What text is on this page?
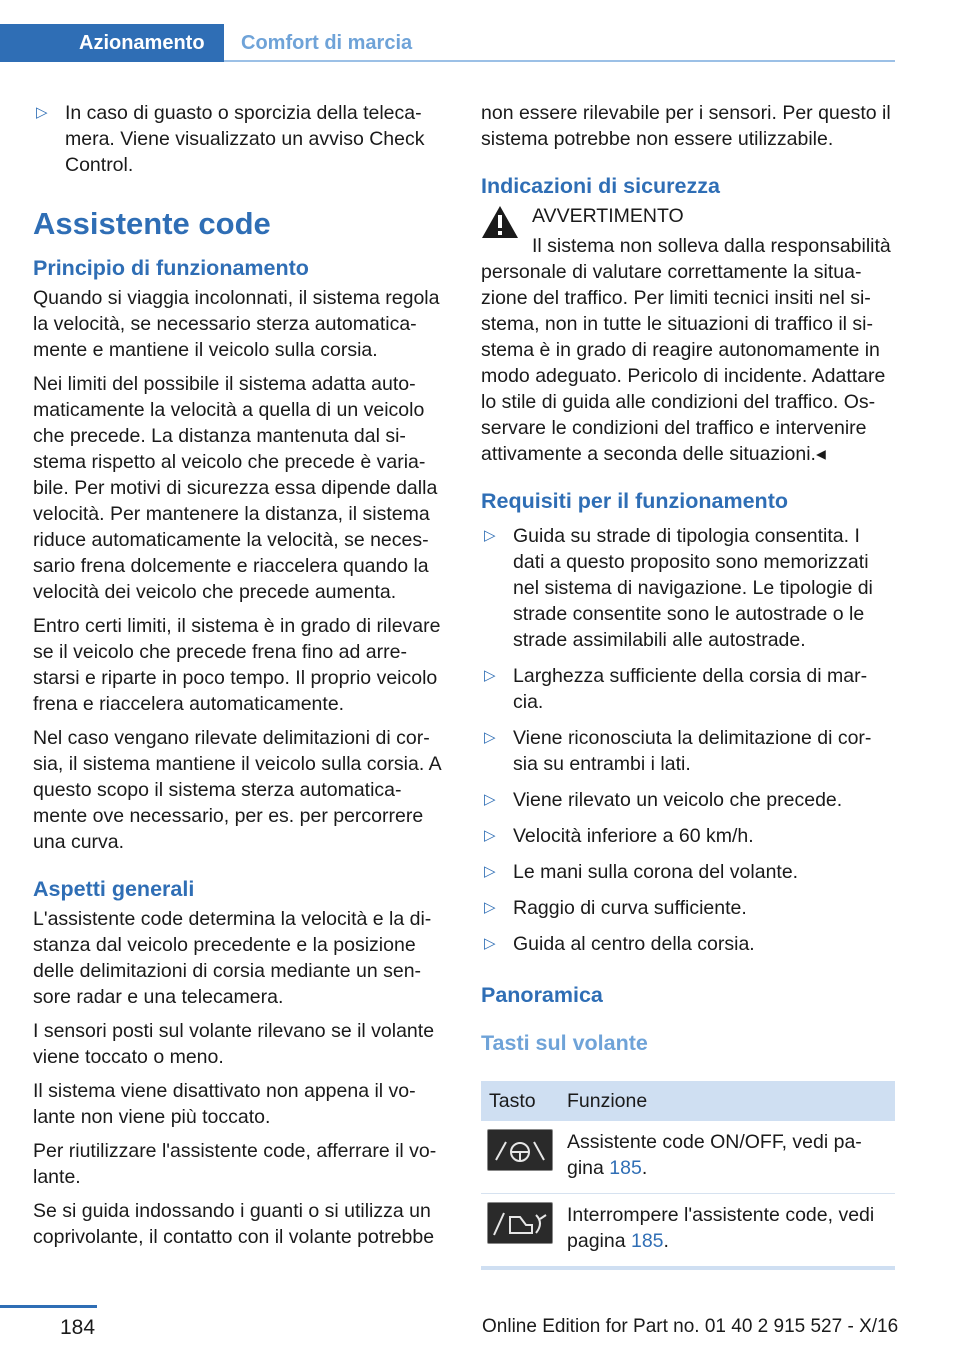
Azionamento Comfort di marcia
▷ In caso di guasto o sporcizia della teleca‐mera. Viene visualizzato un avviso Check Control.
Assistente code
Principio di funzionamento

Quando si viaggia incolonnati, il sistema regola la velocità, se necessario sterza automatica‐mente e mantiene il veicolo sulla corsia.

Nei limiti del possibile il sistema adatta auto‐maticamente la velocità a quella di un veicolo che precede. La distanza mantenuta dal si‐stema rispetto al veicolo che precede è varia‐bile. Per motivi di sicurezza essa dipende dalla velocità. Per mantenere la distanza, il sistema riduce automaticamente la velocità, se neces‐sario frena dolcemente e riaccelera quando la velocità dei veicolo che precede aumenta.

Entro certi limiti, il sistema è in grado di rilevare se il veicolo che precede frena fino ad arre‐starsi e riparte in poco tempo. Il proprio veicolo frena e riaccelera automaticamente.

Nel caso vengano rilevate delimitazioni di cor‐sia, il sistema mantiene il veicolo sulla corsia. A questo scopo il sistema sterza automatica‐mente ove necessario, per es. per percorrere una curva.

Aspetti generali

L'assistente code determina la velocità e la di‐stanza dal veicolo precedente e la posizione delle delimitazioni di corsia mediante un sen‐sore radar e una telecamera.

I sensori posti sul volante rilevano se il volante viene toccato o meno.

Il sistema viene disattivato non appena il vo‐lante non viene più toccato.

Per riutilizzare l'assistente code, afferrare il vo‐lante.

Se si guida indossando i guanti o si utilizza un coprivolante, il contatto con il volante potrebbe

non essere rilevabile per i sensori. Per questo il sistema potrebbe non essere utilizzabile.

Indicazioni di sicurezza
AVVERTIMENTO
Il sistema non solleva dalla responsabilità personale di valutare correttamente la situa‐zione del traffico. Per limiti tecnici insiti nel si‐stema, non in tutte le situazioni di traffico il si‐stema è in grado di reagire autonomamente in modo adeguato. Pericolo di incidente. Adattare lo stile di guida alle condizioni del traffico. Os‐servare le condizioni del traffico e intervenire attivamente a seconda delle situazioni.◂
Requisiti per il funzionamento
▷ Guida su strade di tipologia consentita. I dati a questo proposito sono memorizzati nel sistema di navigazione. Le tipologie di strade consentite sono le autostrade o le strade assimilabili alle autostrade.
▷ Larghezza sufficiente della corsia di mar‐cia.
▷ Viene riconosciuta la delimitazione di cor‐sia su entrambi i lati.
▷ Viene rilevato un veicolo che precede.
▷ Velocità inferiore a 60 km/h.
▷ Le mani sulla corona del volante.
▷ Raggio di curva sufficiente.
▷ Guida al centro della corsia.
Panoramica
Tasti sul volante
Tasto	Funzione
	Assistente code ON/OFF, vedi pa‐gina 185.
	Interrompere l'assistente code, vedi pagina 185.
184	Online Edition for Part no. 01 40 2 915 527 - X/16
